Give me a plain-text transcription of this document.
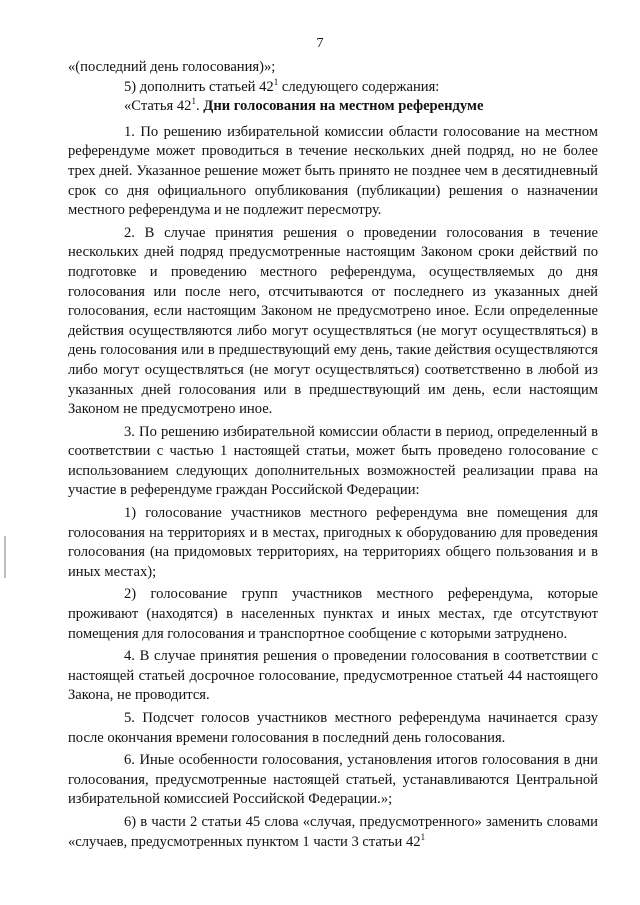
7

«(последний день голосования)»;

5) дополнить статьей $42^1$ следующего содержания:

«Статья $42^1$. Дни голосования на местном референдуме

1. По решению избирательной комиссии области голосование на местном референдуме может проводиться в течение нескольких дней подряд, но не более трех дней. Указанное решение может быть принято не позднее чем в десятидневный срок со дня официального опубликования (публикации) решения о назначении местного референдума и не подлежит пересмотру.

2. В случае принятия решения о проведении голосования в течение нескольких дней подряд предусмотренные настоящим Законом сроки действий по подготовке и проведению местного референдума, осуществляемых до дня голосования или после него, отсчитываются от последнего из указанных дней голосования, если настоящим Законом не предусмотрено иное. Если определенные действия осуществляются либо могут осуществляться (не могут осуществляться) в день голосования или в предшествующий ему день, такие действия осуществляются либо могут осуществляться (не могут осуществляться) соответственно в любой из указанных дней голосования или в предшествующий им день, если настоящим Законом не предусмотрено иное.

3. По решению избирательной комиссии области в период, определенный в соответствии с частью 1 настоящей статьи, может быть проведено голосование с использованием следующих дополнительных возможностей реализации права на участие в референдуме граждан Российской Федерации:

1) голосование участников местного референдума вне помещения для голосования на территориях и в местах, пригодных к оборудованию для проведения голосования (на придомовых территориях, на территориях общего пользования и в иных местах);

2) голосование групп участников местного референдума, которые проживают (находятся) в населенных пунктах и иных местах, где отсутствуют помещения для голосования и транспортное сообщение с которыми затруднено.

4. В случае принятия решения о проведении голосования в соответствии с настоящей статьей досрочное голосование, предусмотренное статьей 44 настоящего Закона, не проводится.

5. Подсчет голосов участников местного референдума начинается сразу после окончания времени голосования в последний день голосования.

6. Иные особенности голосования, установления итогов голосования в дни голосования, предусмотренные настоящей статьей, устанавливаются Центральной избирательной комиссией Российской Федерации.»;

6) в части 2 статьи 45 слова «случая, предусмотренного» заменить словами «случаев, предусмотренных пунктом 1 части 3 статьи $42^1$
